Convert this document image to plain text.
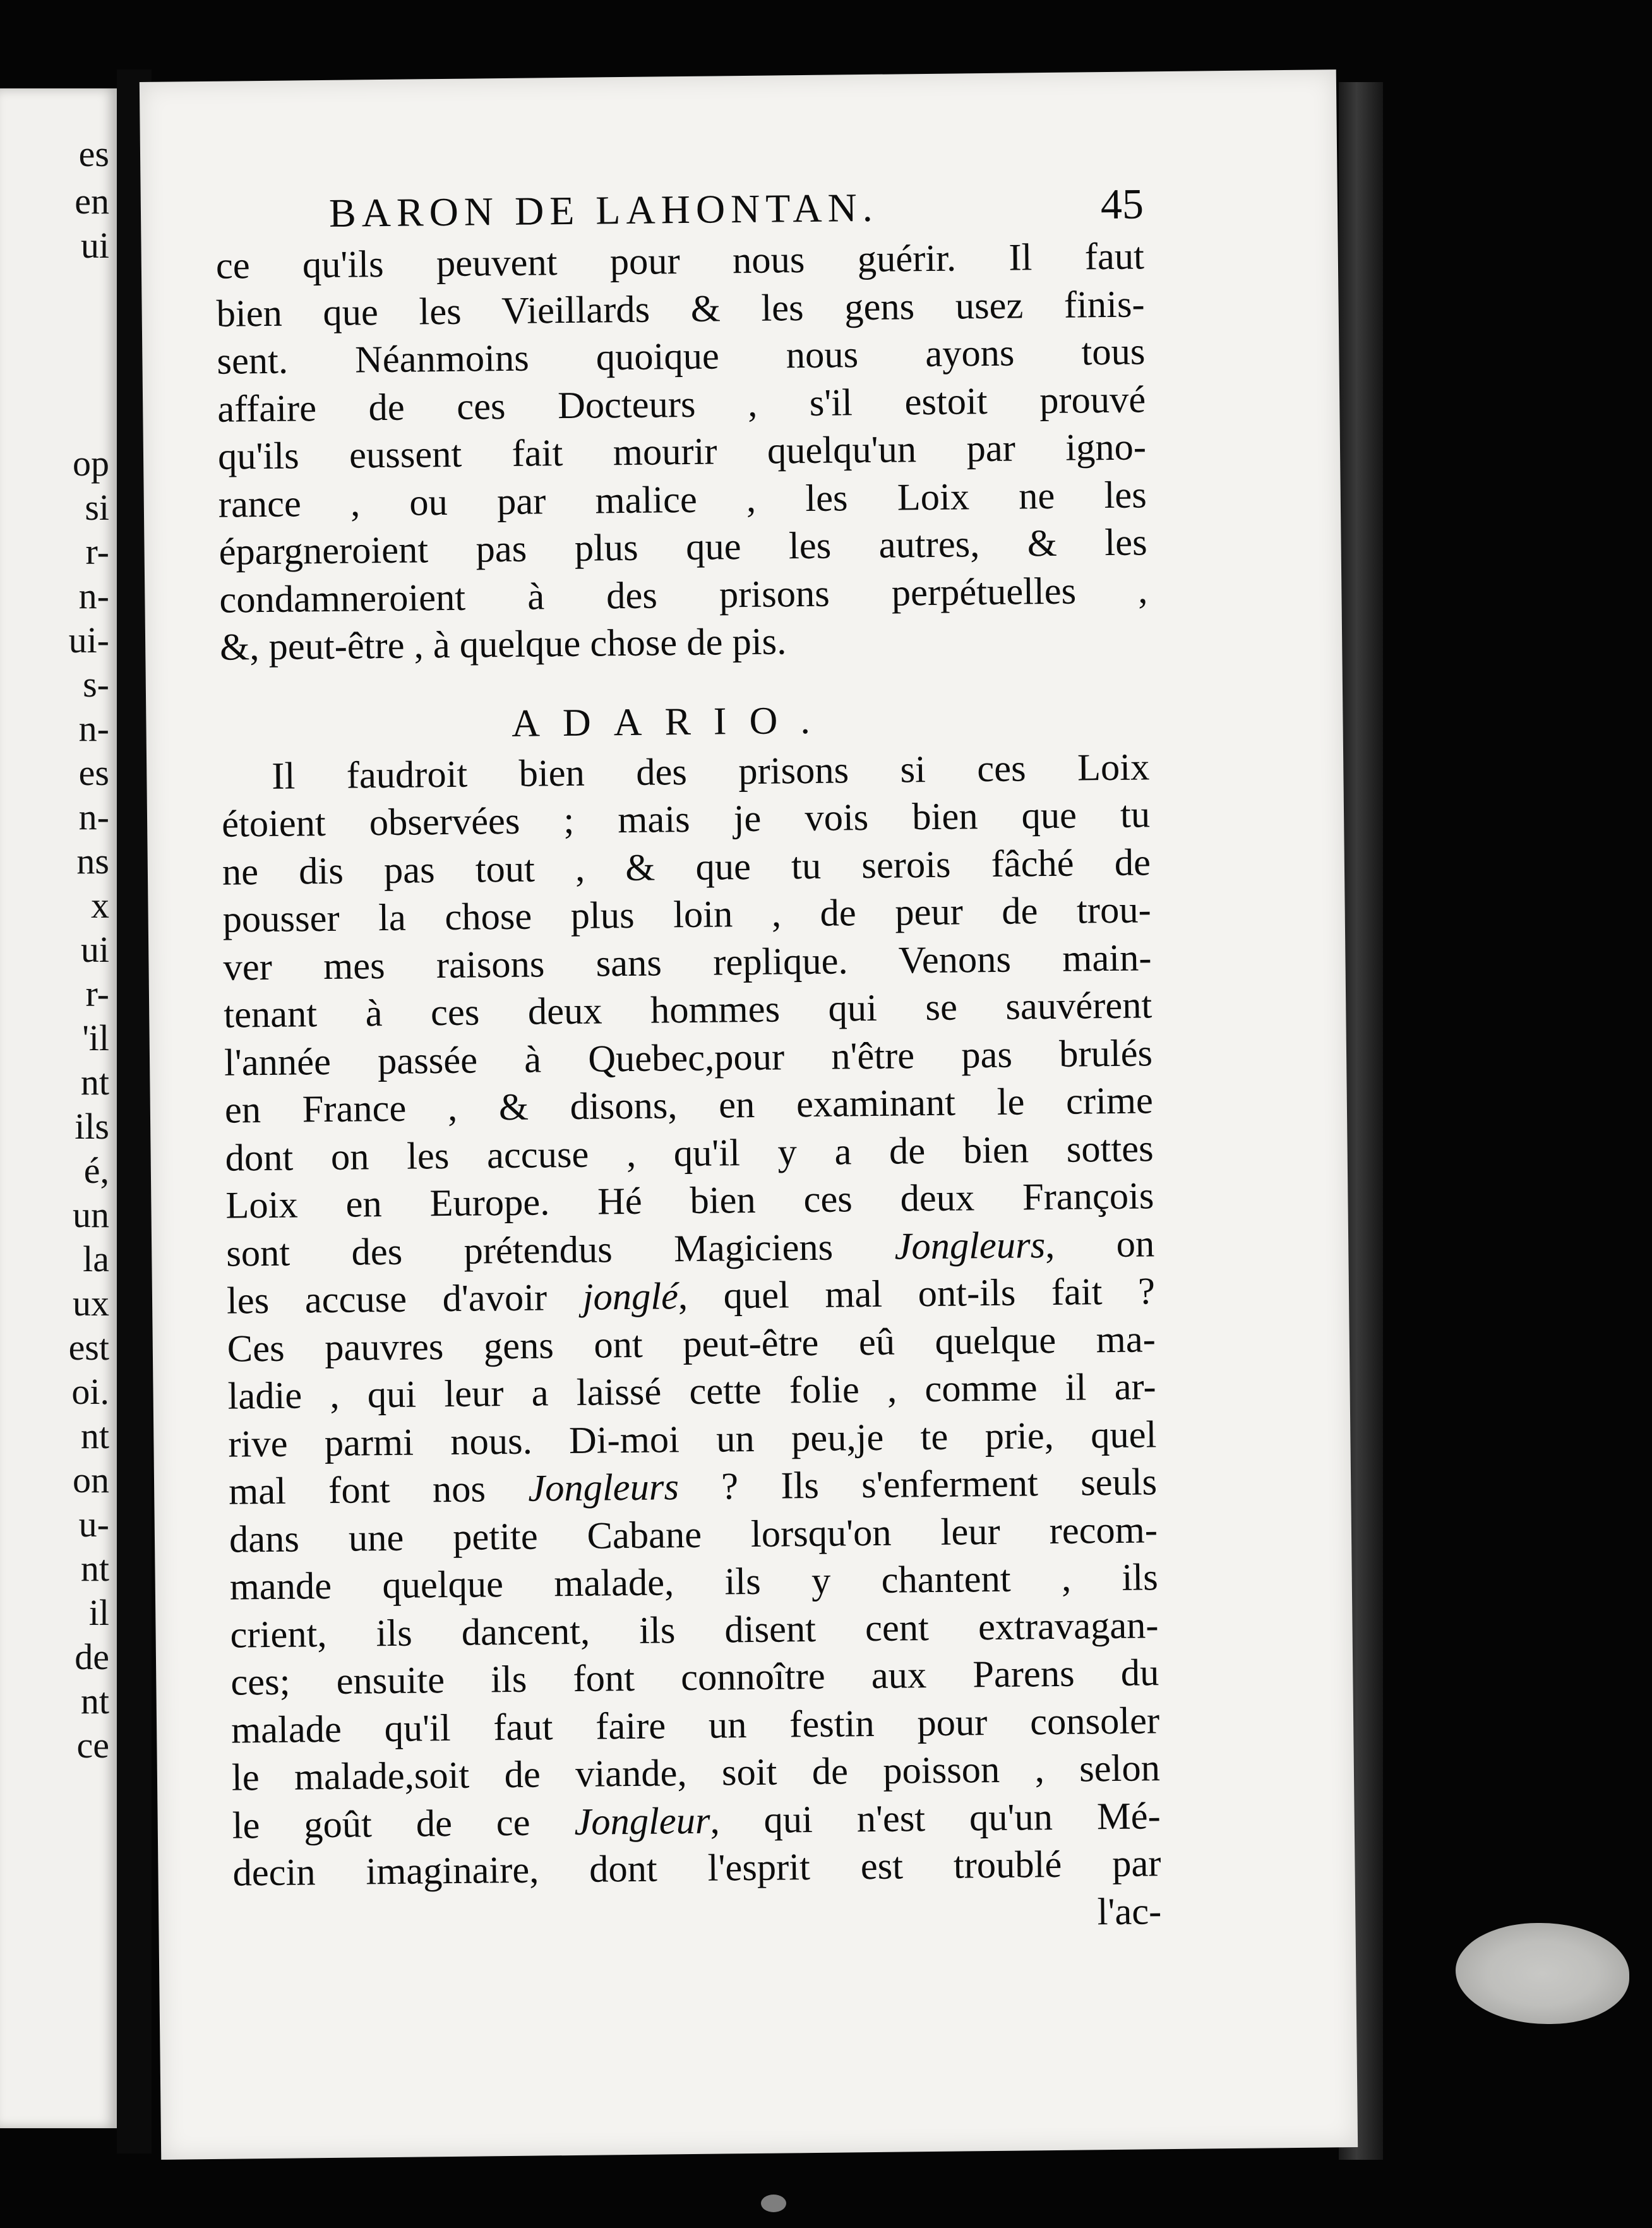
es
en
ui
op
si
r-
n-
ui-
s-
n-
es
n-
ns
x
ui
r-
'il
nt
ils
é,
un
la
ux
est
oi.
nt
on
u-
nt
il
de
nt
ce
BARON DE LAHONTAN.	45
ce qu'ils peuvent pour nous guérir. Il faut
bien que les Vieillards & les gens usez finis-
sent. Néanmoins quoique nous ayons tous
affaire de ces Docteurs , s'il estoit prouvé
qu'ils eussent fait mourir quelqu'un par igno-
rance , ou par malice , les Loix ne les
épargneroient pas plus que les autres, & les
condamneroient à des prisons perpétuelles ,
&, peut-être , à quelque chose de pis.
ADARIO.
Il faudroit bien des prisons si ces Loix
étoient observées ; mais je vois bien que tu
ne dis pas tout , & que tu serois fâché de
pousser la chose plus loin , de peur de trou-
ver mes raisons sans replique. Venons main-
tenant à ces deux hommes qui se sauvérent
l'année passée à Quebec,pour n'être pas brulés
en France , & disons, en examinant le crime
dont on les accuse , qu'il y a de bien sottes
Loix en Europe. Hé bien ces deux François
sont des prétendus Magiciens Jongleurs, on
les accuse d'avoir jonglé, quel mal ont-ils fait ?
Ces pauvres gens ont peut-être eû quelque ma-
ladie , qui leur a laissé cette folie , comme il ar-
rive parmi nous. Di-moi un peu,je te prie, quel
mal font nos Jongleurs ? Ils s'enferment seuls
dans une petite Cabane lorsqu'on leur recom-
mande quelque malade, ils y chantent , ils
crient, ils dancent, ils disent cent extravagan-
ces; ensuite ils font connoître aux Parens du
malade qu'il faut faire un festin pour consoler
le malade,soit de viande, soit de poisson , selon
le goût de ce Jongleur, qui n'est qu'un Mé-
decin imaginaire, dont l'esprit est troublé par
l'ac-
